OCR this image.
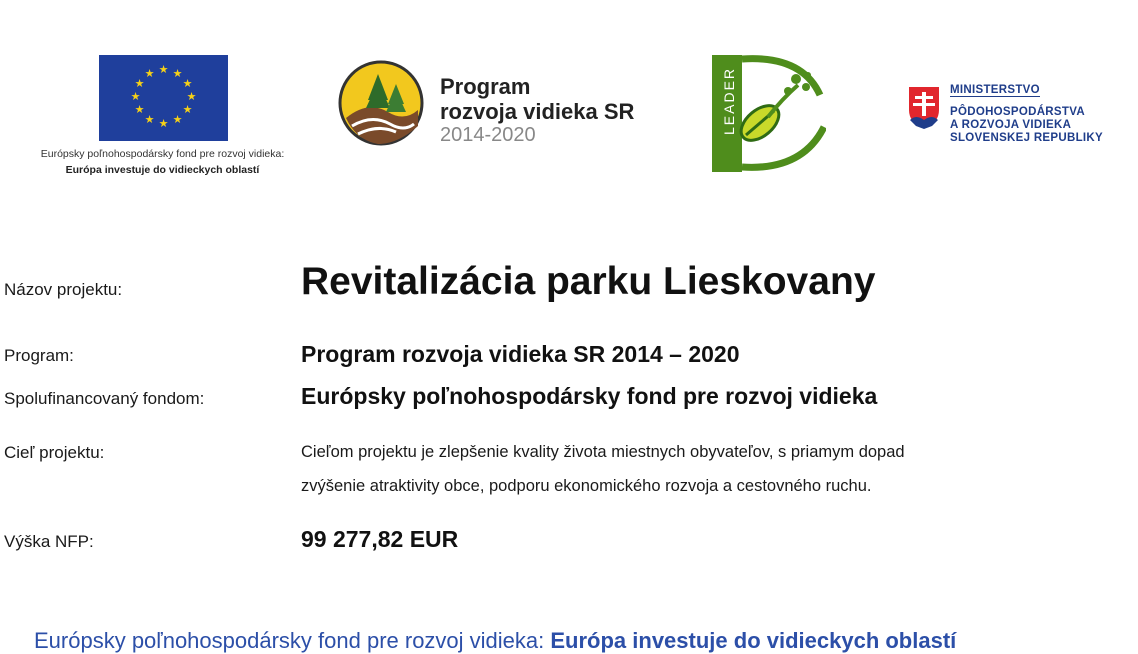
★ ★
★
★
★
★
★
★
★
★
★
★
Európsky poľnohospodársky fond pre rozvoj vidieka:
Európa investuje do vidieckych oblastí
Program
rozvoja vidieka SR
2014-2020	LEADER	MINISTERSTVO
PÔDOHOSPODÁRSTVA
A ROZVOJA VIDIEKA
SLOVENSKEJ REPUBLIKY
Názov projektu:	Revitalizácia parku Lieskovany
Program:	Program rozvoja vidieka SR 2014 – 2020
Spolufinancovaný fondom:	Európsky poľnohospodársky fond pre rozvoj vidieka
Cieľ projektu:	Cieľom projektu je zlepšenie kvality života miestnych obyvateľov, s priamym dopad
zvýšenie atraktivity obce, podporu ekonomického rozvoja a cestovného ruchu.
Výška NFP:	99 277,82 EUR
Európsky poľnohospodársky fond pre rozvoj vidieka: Európa investuje do vidieckych oblastí
